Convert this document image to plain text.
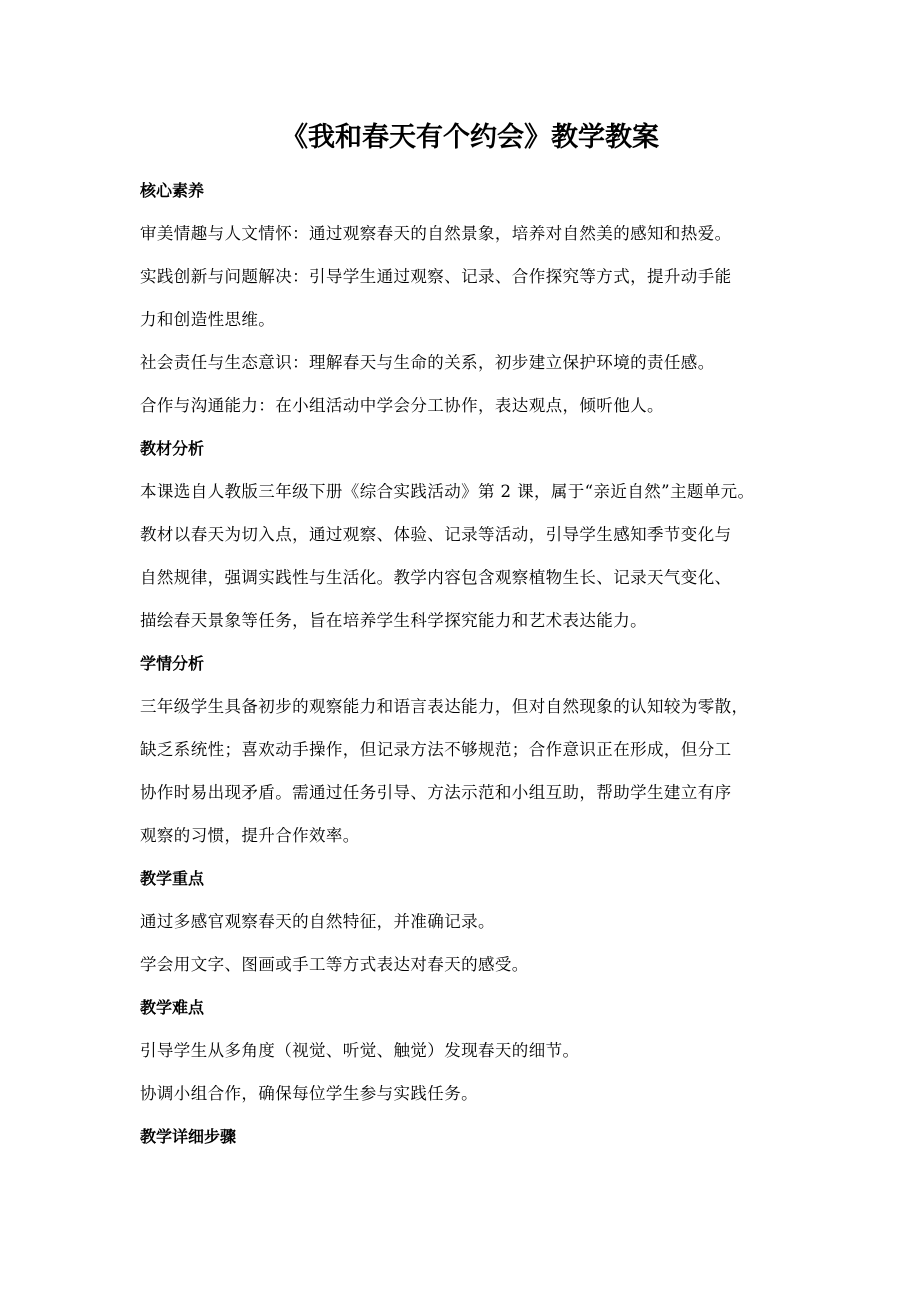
《我和春天有个约会》教学教案
核心素养
审美情趣与人文情怀：通过观察春天的自然景象，培养对自然美的感知和热爱。
实践创新与问题解决：引导学生通过观察、记录、合作探究等方式，提升动手能
力和创造性思维。
社会责任与生态意识：理解春天与生命的关系，初步建立保护环境的责任感。
合作与沟通能力：在小组活动中学会分工协作，表达观点，倾听他人。
教材分析
本课选自人教版三年级下册《综合实践活动》第 2 课，属于“亲近自然”主题单元。
教材以春天为切入点，通过观察、体验、记录等活动，引导学生感知季节变化与
自然规律，强调实践性与生活化。教学内容包含观察植物生长、记录天气变化、
描绘春天景象等任务，旨在培养学生科学探究能力和艺术表达能力。
学情分析
三年级学生具备初步的观察能力和语言表达能力，但对自然现象的认知较为零散，
缺乏系统性；喜欢动手操作，但记录方法不够规范；合作意识正在形成，但分工
协作时易出现矛盾。需通过任务引导、方法示范和小组互助，帮助学生建立有序
观察的习惯，提升合作效率。
教学重点
通过多感官观察春天的自然特征，并准确记录。
学会用文字、图画或手工等方式表达对春天的感受。
教学难点
引导学生从多角度（视觉、听觉、触觉）发现春天的细节。
协调小组合作，确保每位学生参与实践任务。
教学详细步骤
